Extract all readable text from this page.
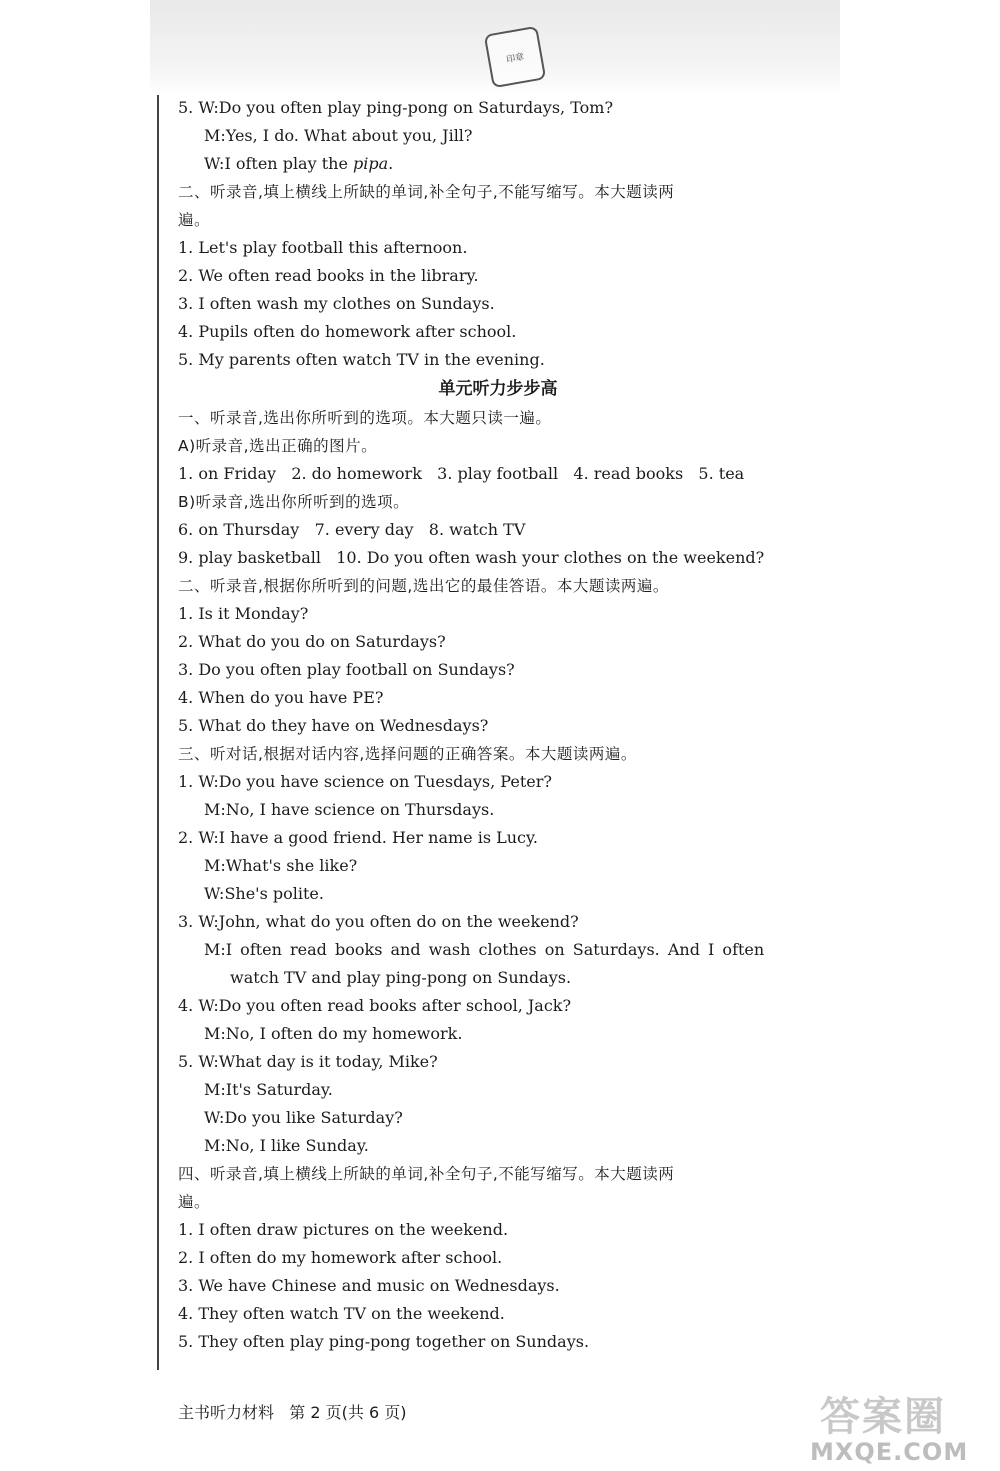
印章
5. W:Do you often play ping-pong on Saturdays, Tom?
M:Yes, I do. What about you, Jill?
W:I often play the pipa.
二、听录音,填上横线上所缺的单词,补全句子,不能写缩写。本大题读两
遍。
1. Let's play football this afternoon.
2. We often read books in the library.
3. I often wash my clothes on Sundays.
4. Pupils often do homework after school.
5. My parents often watch TV in the evening.
单元听力步步高
一、听录音,选出你所听到的选项。本大题只读一遍。
A)听录音,选出正确的图片。
1. on Friday   2. do homework   3. play football   4. read books   5. tea
B)听录音,选出你所听到的选项。
6. on Thursday   7. every day   8. watch TV
9. play basketball   10. Do you often wash your clothes on the weekend?
二、听录音,根据你所听到的问题,选出它的最佳答语。本大题读两遍。
1. Is it Monday?
2. What do you do on Saturdays?
3. Do you often play football on Sundays?
4. When do you have PE?
5. What do they have on Wednesdays?
三、听对话,根据对话内容,选择问题的正确答案。本大题读两遍。
1. W:Do you have science on Tuesdays, Peter?
M:No, I have science on Thursdays.
2. W:I have a good friend. Her name is Lucy.
M:What's she like?
W:She's polite.
3. W:John, what do you often do on the weekend?
M:I often read books and wash clothes on Saturdays. And I often
watch TV and play ping-pong on Sundays.
4. W:Do you often read books after school, Jack?
M:No, I often do my homework.
5. W:What day is it today, Mike?
M:It's Saturday.
W:Do you like Saturday?
M:No, I like Sunday.
四、听录音,填上横线上所缺的单词,补全句子,不能写缩写。本大题读两
遍。
1. I often draw pictures on the weekend.
2. I often do my homework after school.
3. We have Chinese and music on Wednesdays.
4. They often watch TV on the weekend.
5. They often play ping-pong together on Sundays.
主书听力材料   第 2 页(共 6 页)	答案圈
MXQE.COM
